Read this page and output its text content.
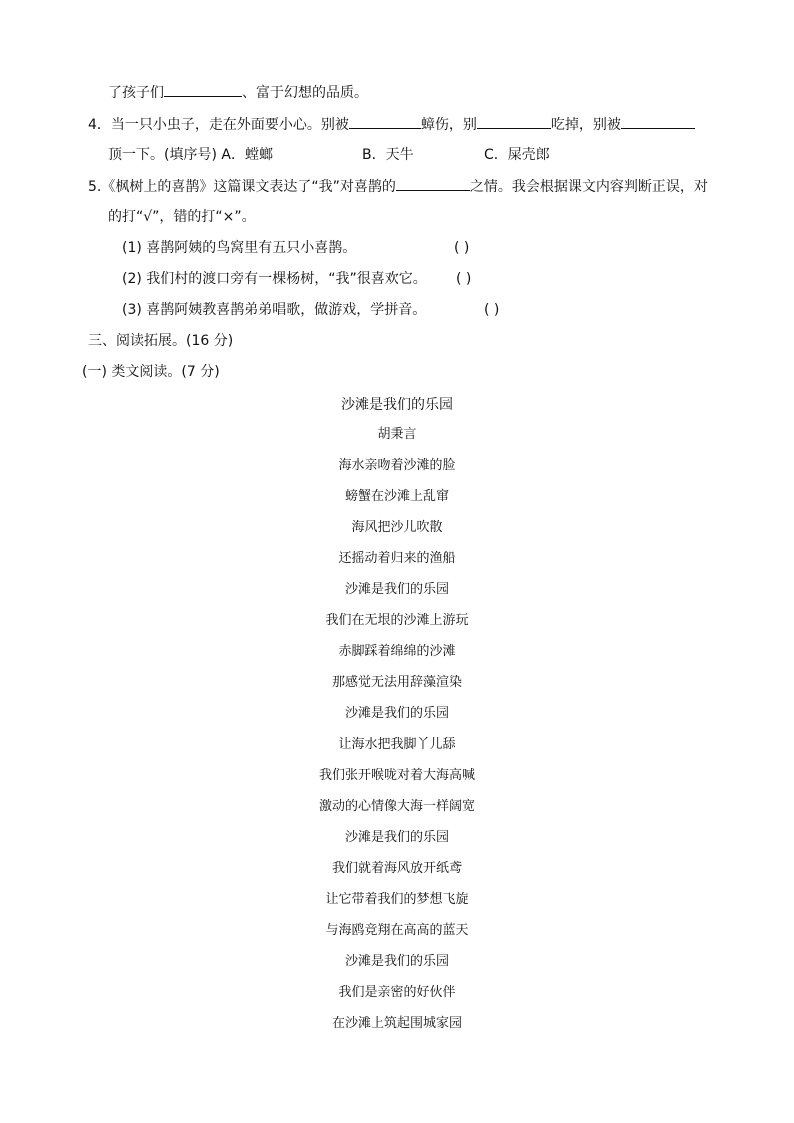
了孩子们	、富于幻想的品质。
4．当一只小虫子，走在外面要小心。别被	蟑伤，别	吃掉，别被
顶一下。(填序号) A．螳螂	B．天牛	C．屎壳郎
5.《枫树上的喜鹊》这篇课文表达了“我”对喜鹊的	之情。我会根据课文内容判断正误，对
的打“√”，错的打“×”。
(1) 喜鹊阿姨的鸟窝里有五只小喜鹊。	( )
(2) 我们村的渡口旁有一棵杨树，“我”很喜欢它。 ( )
(3) 喜鹊阿姨教喜鹊弟弟唱歌，做游戏，学拼音。	( )
三、阅读拓展。(16 分)
(一) 类文阅读。(7 分)
沙滩是我们的乐园
胡秉言
海水亲吻着沙滩的脸
螃蟹在沙滩上乱窜
海风把沙儿吹散
还摇动着归来的渔船
沙滩是我们的乐园
我们在无垠的沙滩上游玩
赤脚踩着绵绵的沙滩
那感觉无法用辞藻渲染
沙滩是我们的乐园
让海水把我脚丫儿舔
我们张开喉咙对着大海高喊
激动的心情像大海一样阔宽
沙滩是我们的乐园
我们就着海风放开纸鸢
让它带着我们的梦想飞旋
与海鸥竞翔在高高的蓝天
沙滩是我们的乐园
我们是亲密的好伙伴
在沙滩上筑起围城家园
